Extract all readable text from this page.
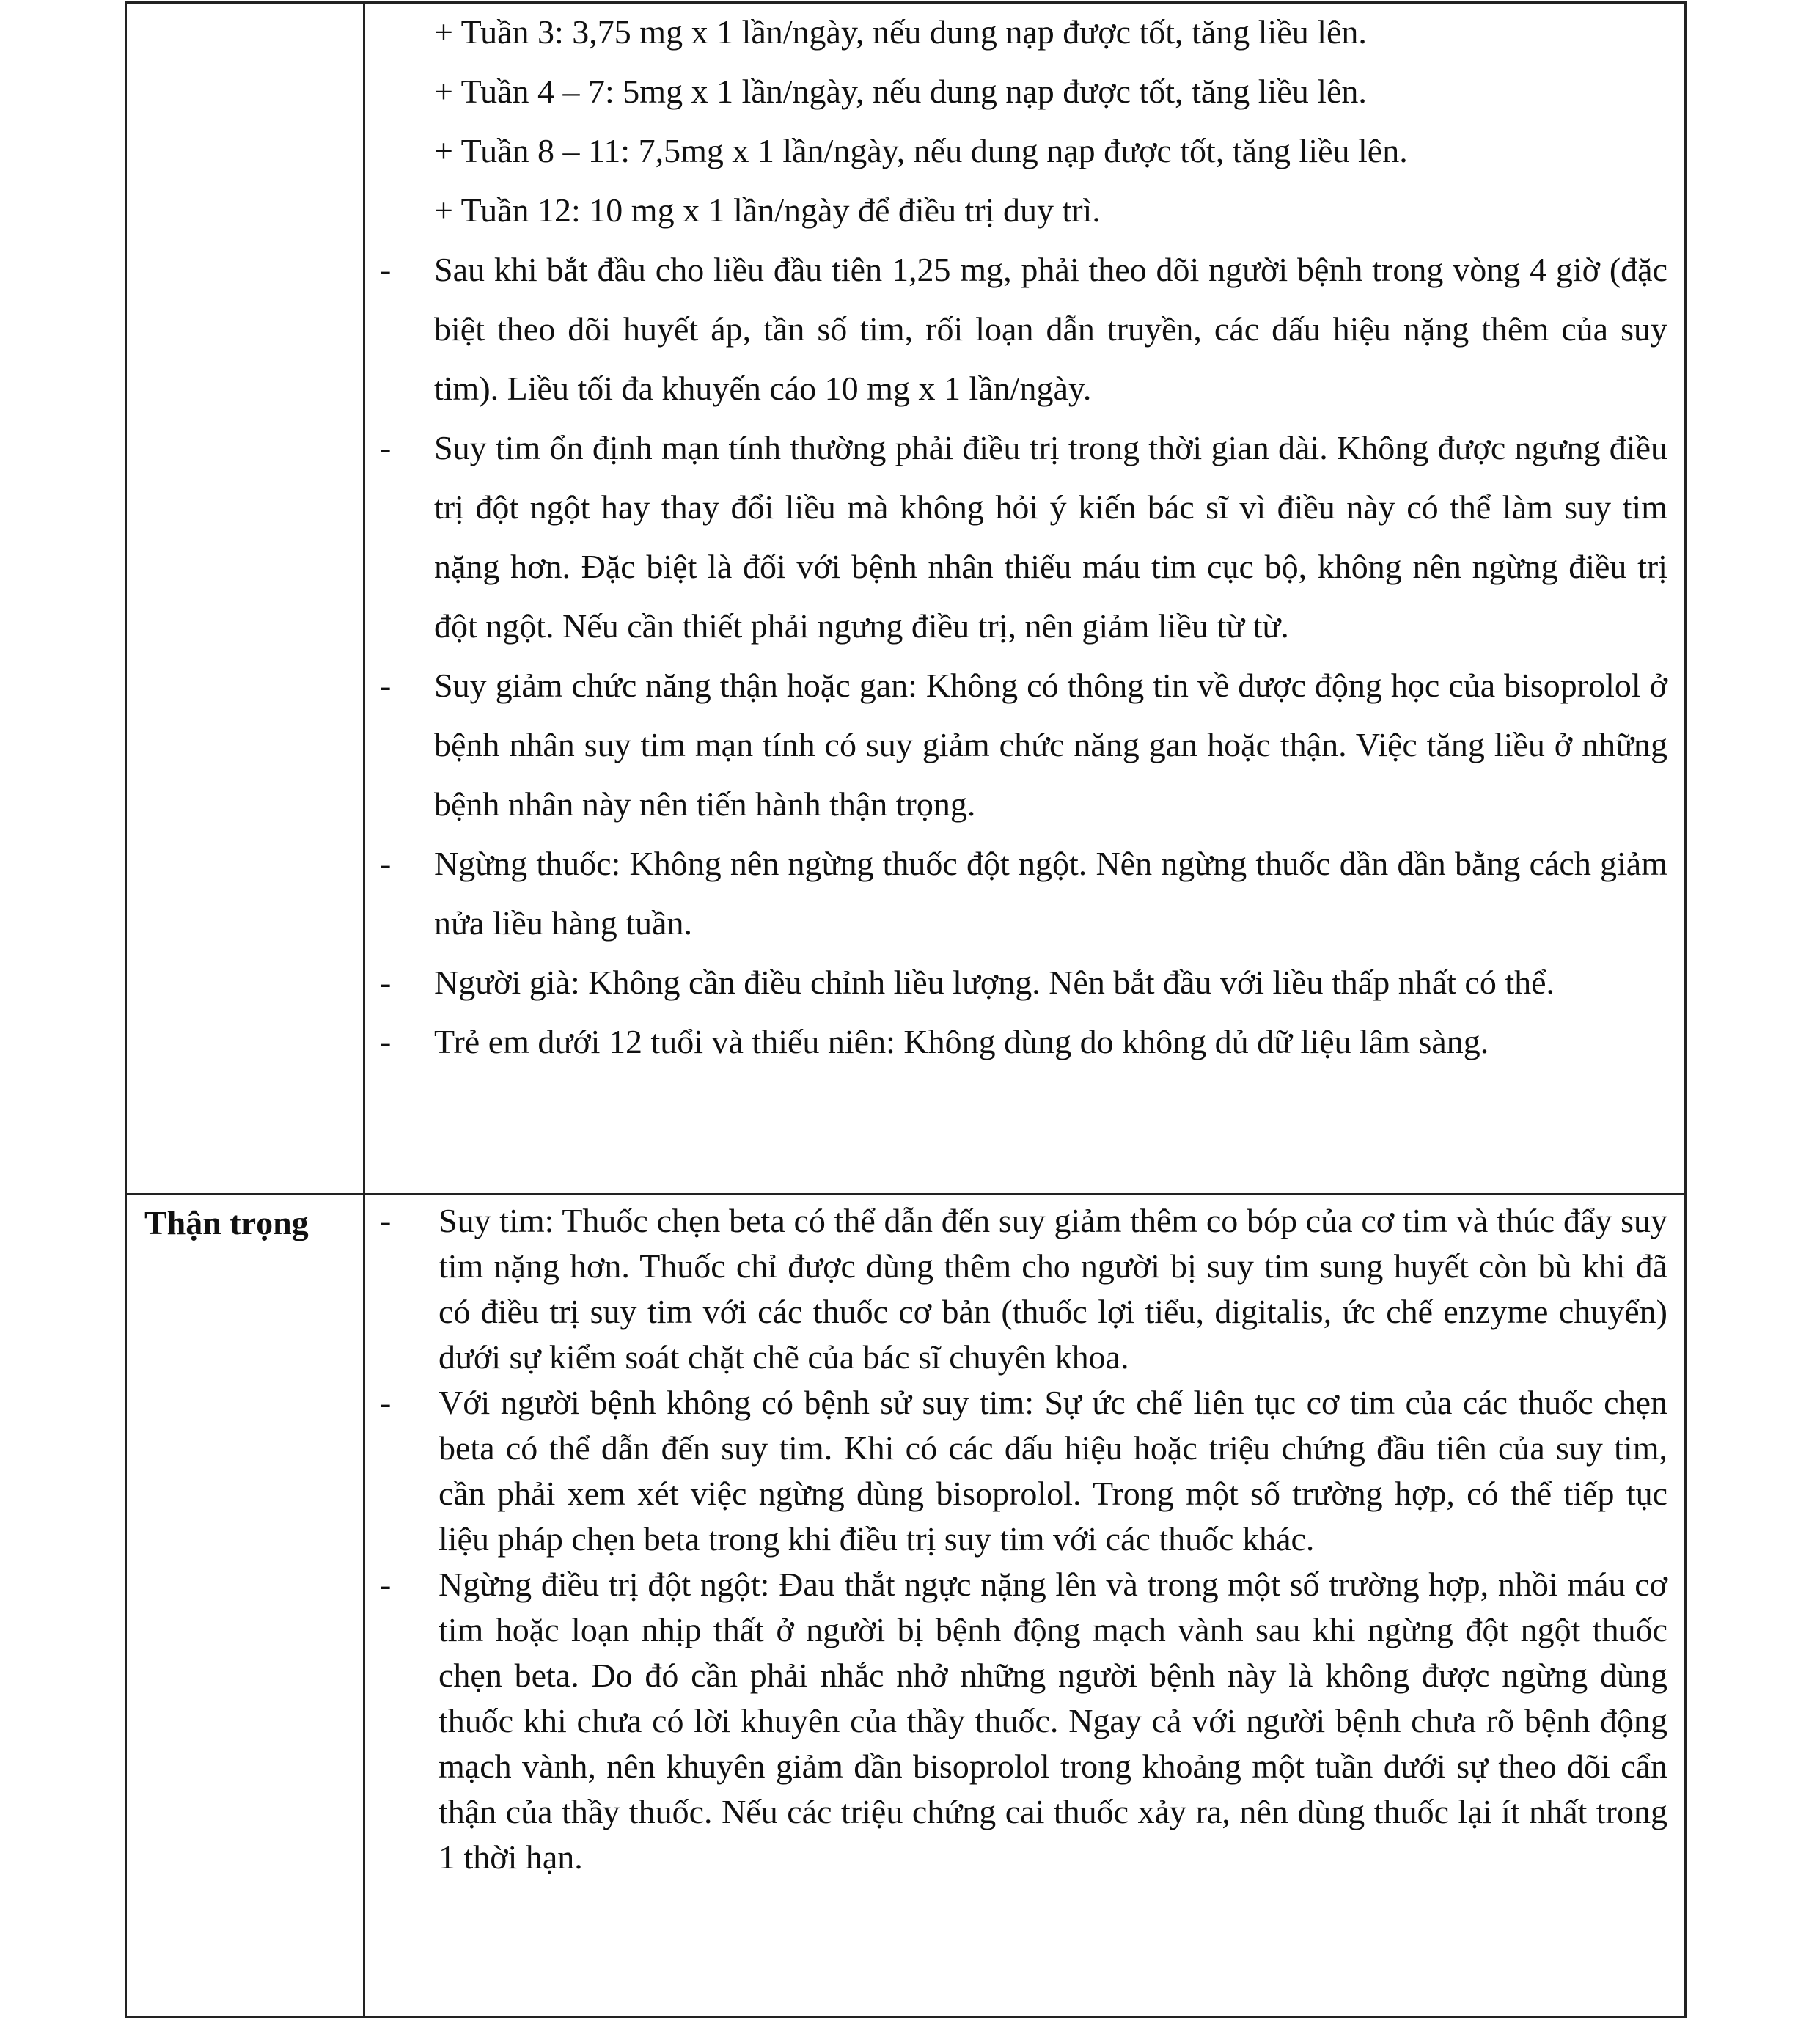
+ Tuần 3: 3,75 mg x 1 lần/ngày, nếu dung nạp được tốt, tăng liều lên.
+ Tuần 4 – 7: 5mg x 1 lần/ngày, nếu dung nạp được tốt, tăng liều lên.
+ Tuần 8 – 11: 7,5mg x 1 lần/ngày, nếu dung nạp được tốt, tăng liều lên.
+ Tuần 12: 10 mg x 1 lần/ngày để điều trị duy trì.
- Sau khi bắt đầu cho liều đầu tiên 1,25 mg, phải theo dõi người bệnh trong vòng 4 giờ (đặc biệt theo dõi huyết áp, tần số tim, rối loạn dẫn truyền, các dấu hiệu nặng thêm của suy tim). Liều tối đa khuyến cáo 10 mg x 1 lần/ngày.
- Suy tim ổn định mạn tính thường phải điều trị trong thời gian dài. Không được ngưng điều trị đột ngột hay thay đổi liều mà không hỏi ý kiến bác sĩ vì điều này có thể làm suy tim nặng hơn. Đặc biệt là đối với bệnh nhân thiếu máu tim cục bộ, không nên ngừng điều trị đột ngột. Nếu cần thiết phải ngưng điều trị, nên giảm liều từ từ.
- Suy giảm chức năng thận hoặc gan: Không có thông tin về dược động học của bisoprolol ở bệnh nhân suy tim mạn tính có suy giảm chức năng gan hoặc thận. Việc tăng liều ở những bệnh nhân này nên tiến hành thận trọng.
- Ngừng thuốc: Không nên ngừng thuốc đột ngột. Nên ngừng thuốc dần dần bằng cách giảm nửa liều hàng tuần.
- Người già: Không cần điều chỉnh liều lượng. Nên bắt đầu với liều thấp nhất có thể.
- Trẻ em dưới 12 tuổi và thiếu niên: Không dùng do không dủ dữ liệu lâm sàng.
Thận trọng - Suy tim: Thuốc chẹn beta có thể dẫn đến suy giảm thêm co bóp của cơ tim và thúc đẩy suy tim nặng hơn. Thuốc chỉ được dùng thêm cho người bị suy tim sung huyết còn bù khi đã có điều trị suy tim với các thuốc cơ bản (thuốc lợi tiểu, digitalis, ức chế enzyme chuyển) dưới sự kiểm soát chặt chẽ của bác sĩ chuyên khoa.
- Với người bệnh không có bệnh sử suy tim: Sự ức chế liên tục cơ tim của các thuốc chẹn beta có thể dẫn đến suy tim. Khi có các dấu hiệu hoặc triệu chứng đầu tiên của suy tim, cần phải xem xét việc ngừng dùng bisoprolol. Trong một số trường hợp, có thể tiếp tục liệu pháp chẹn beta trong khi điều trị suy tim với các thuốc khác.
- Ngừng điều trị đột ngột: Đau thắt ngực nặng lên và trong một số trường hợp, nhồi máu cơ tim hoặc loạn nhịp thất ở người bị bệnh động mạch vành sau khi ngừng đột ngột thuốc chẹn beta. Do đó cần phải nhắc nhở những người bệnh này là không được ngừng dùng thuốc khi chưa có lời khuyên của thầy thuốc. Ngay cả với người bệnh chưa rõ bệnh động mạch vành, nên khuyên giảm dần bisoprolol trong khoảng một tuần dưới sự theo dõi cẩn thận của thầy thuốc. Nếu các triệu chứng cai thuốc xảy ra, nên dùng thuốc lại ít nhất trong 1 thời hạn.
